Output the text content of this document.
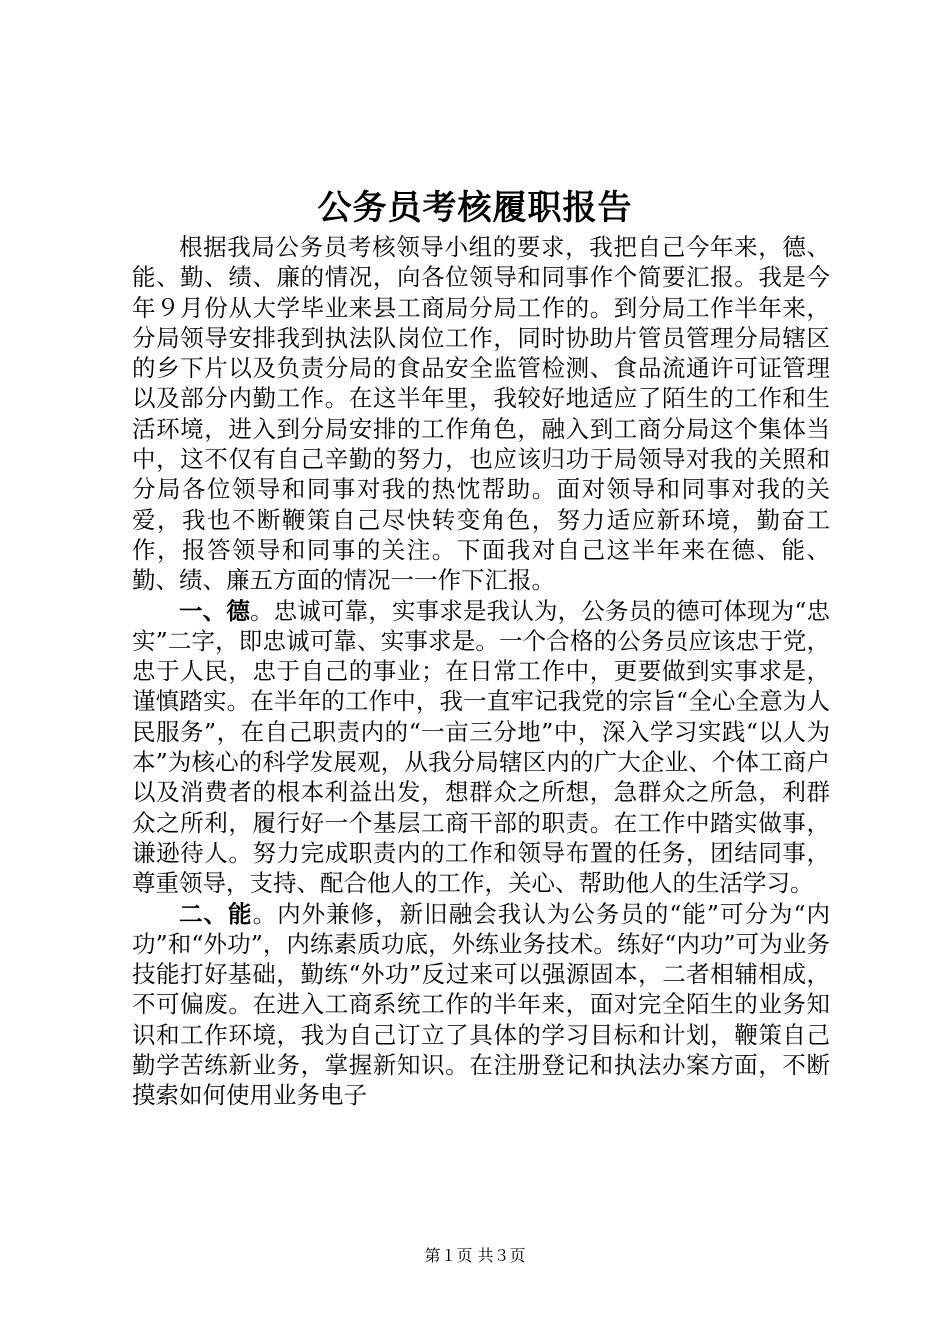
公务员考核履职报告

根据我局公务员考核领导小组的要求，我把自己今年来，德、能、勤、绩、廉的情况，向各位领导和同事作个简要汇报。我是今年９月份从大学毕业来县工商局分局工作的。到分局工作半年来，分局领导安排我到执法队岗位工作，同时协助片管员管理分局辖区的乡下片以及负责分局的食品安全监管检测、食品流通许可证管理以及部分内勤工作。在这半年里，我较好地适应了陌生的工作和生活环境，进入到分局安排的工作角色，融入到工商分局这个集体当中，这不仅有自己辛勤的努力，也应该归功于局领导对我的关照和分局各位领导和同事对我的热忱帮助。面对领导和同事对我的关爱，我也不断鞭策自己尽快转变角色，努力适应新环境，勤奋工作，报答领导和同事的关注。下面我对自己这半年来在德、能、勤、绩、廉五方面的情况一一作下汇报。

一、德。忠诚可靠，实事求是我认为，公务员的德可体现为“忠实”二字，即忠诚可靠、实事求是。一个合格的公务员应该忠于党，忠于人民，忠于自己的事业；在日常工作中，更要做到实事求是，谨慎踏实。在半年的工作中，我一直牢记我党的宗旨“全心全意为人民服务”，在自己职责内的“一亩三分地”中，深入学习实践“以人为本”为核心的科学发展观，从我分局辖区内的广大企业、个体工商户以及消费者的根本利益出发，想群众之所想，急群众之所急，利群众之所利，履行好一个基层工商干部的职责。在工作中踏实做事，谦逊待人。努力完成职责内的工作和领导布置的任务，团结同事，尊重领导，支持、配合他人的工作，关心、帮助他人的生活学习。

二、能。内外兼修，新旧融会我认为公务员的“能”可分为“内功”和“外功”，内练素质功底，外练业务技术。练好“内功”可为业务技能打好基础，勤练“外功”反过来可以强源固本，二者相辅相成，不可偏废。在进入工商系统工作的半年来，面对完全陌生的业务知识和工作环境，我为自己订立了具体的学习目标和计划，鞭策自己勤学苦练新业务，掌握新知识。在注册登记和执法办案方面，不断摸索如何使用业务电子

第１页 共３页
